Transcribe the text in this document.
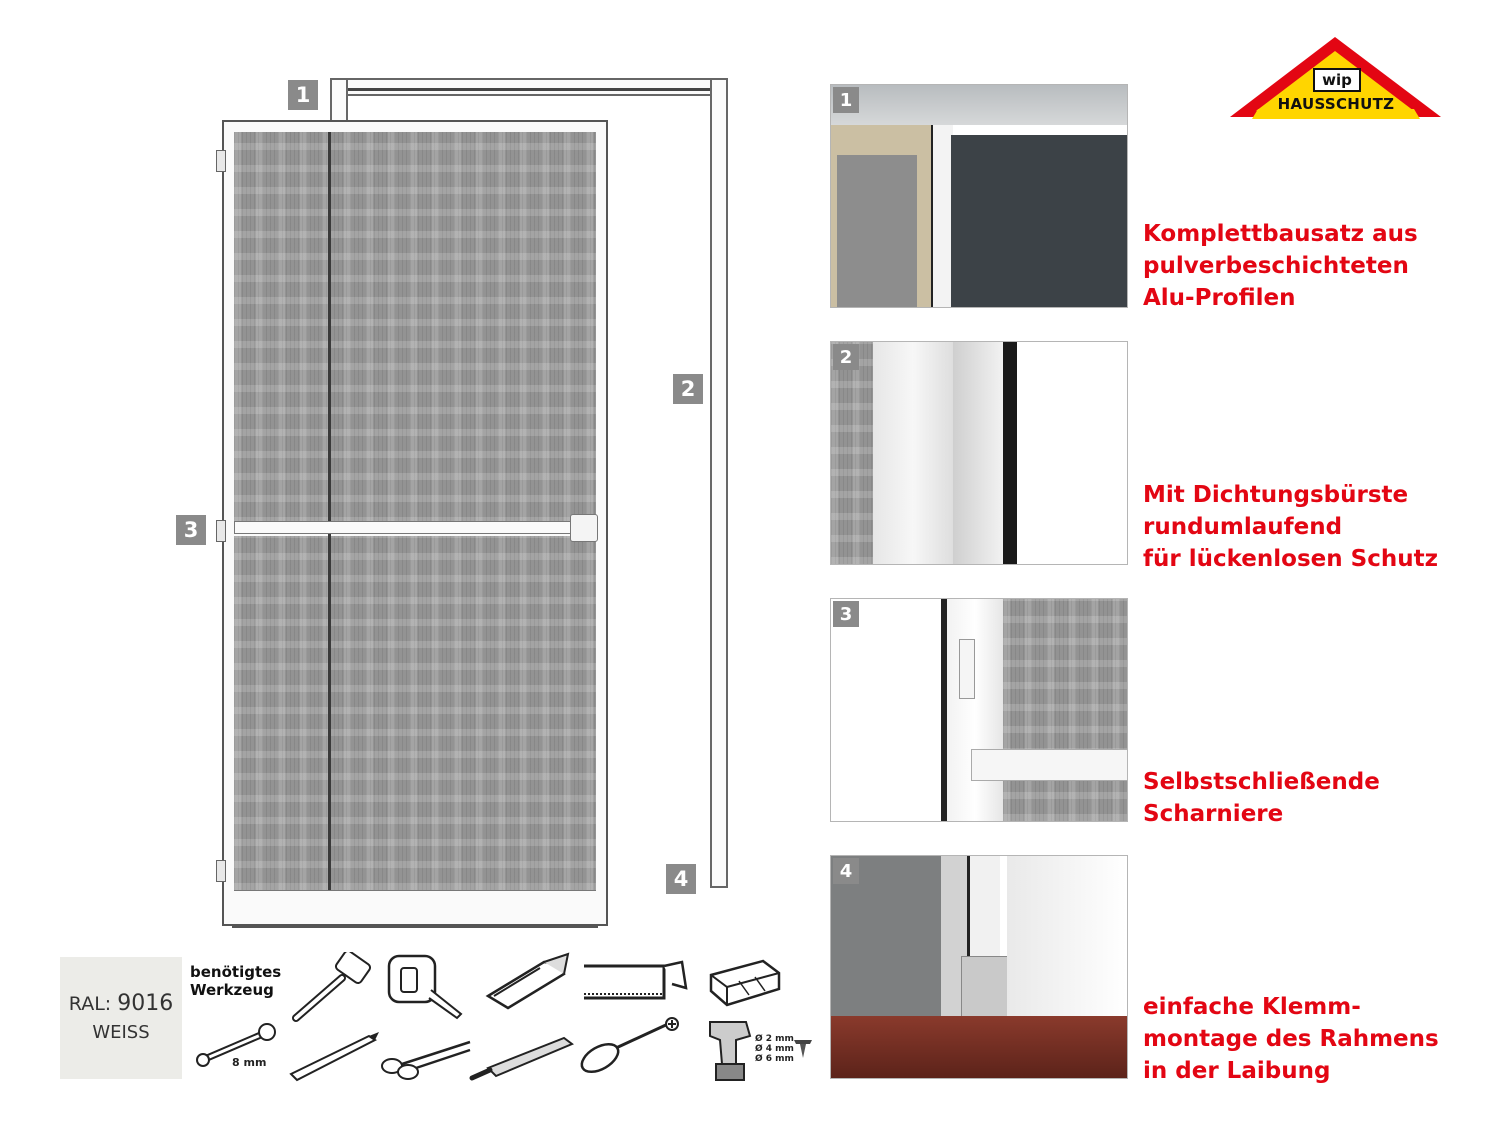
wip
HAUSSCHUTZ
1
2
3
4
1
Komplettbausatz aus
pulverbeschichteten
Alu-Profilen
2
Mit Dichtungsbürste
rundumlaufend
für lückenlosen Schutz
3
Selbstschließende
Scharniere
4
einfache Klemm-
montage des Rahmens
in der Laibung
RAL: 9016
WEISS
benötigtes
Werkzeug
8 mm
Ø 2 mm
Ø 4 mm
Ø 6 mm
